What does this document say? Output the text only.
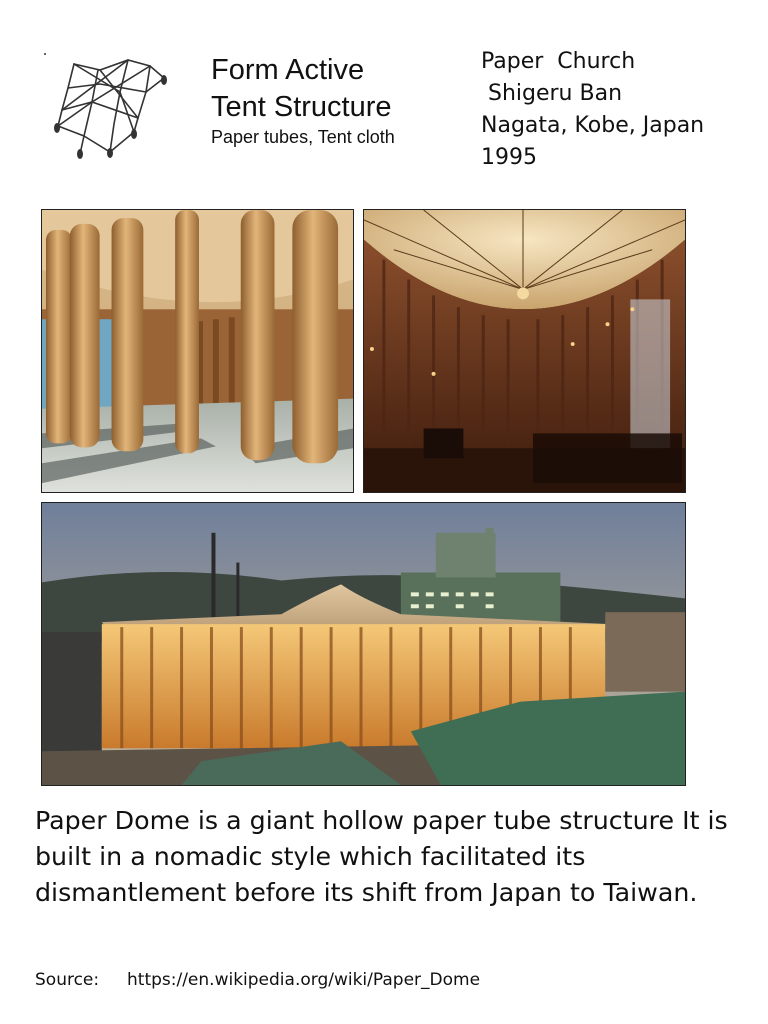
Form Active
Tent Structure
Paper tubes, Tent cloth
Paper  Church
Shigeru Ban
Nagata, Kobe, Japan
1995
Paper Dome is a giant hollow paper tube structure It is built in a nomadic style which facilitated its dismantlement before its shift from Japan to Taiwan.
Source: https://en.wikipedia.org/wiki/Paper_Dome
